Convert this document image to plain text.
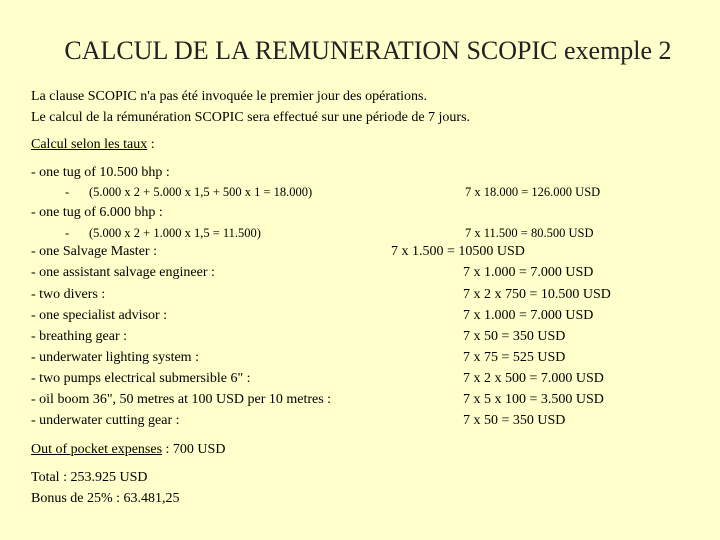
CALCUL DE LA REMUNERATION SCOPIC exemple 2
La clause SCOPIC n'a pas été invoquée le premier jour des opérations.
Le calcul de la rémunération SCOPIC sera effectué sur une période de 7 jours.
Calcul selon les taux :
- one tug of 10.500 bhp :
- (5.000 x 2 + 5.000 x 1,5 + 500 x 1 = 18.000)	7 x 18.000 = 126.000 USD
- one tug of 6.000 bhp :
- (5.000 x 2 + 1.000 x 1,5 = 11.500)	7 x 11.500 = 80.500 USD
- one Salvage Master :	7 x 1.500 = 10500 USD
- one assistant salvage engineer :	7 x 1.000 = 7.000 USD
- two divers :	7 x 2 x 750 = 10.500 USD
- one specialist advisor :	7 x 1.000 = 7.000 USD
- breathing gear :	7 x 50 = 350 USD
- underwater lighting system :	7 x 75 = 525 USD
- two pumps electrical submersible 6" :	7 x 2 x 500 = 7.000 USD
- oil boom 36", 50 metres at 100 USD per 10 metres :	7 x 5 x 100 = 3.500 USD
- underwater cutting gear :	7 x 50 = 350 USD
Out of pocket expenses : 700 USD
Total : 253.925 USD
Bonus de 25% : 63.481,25
